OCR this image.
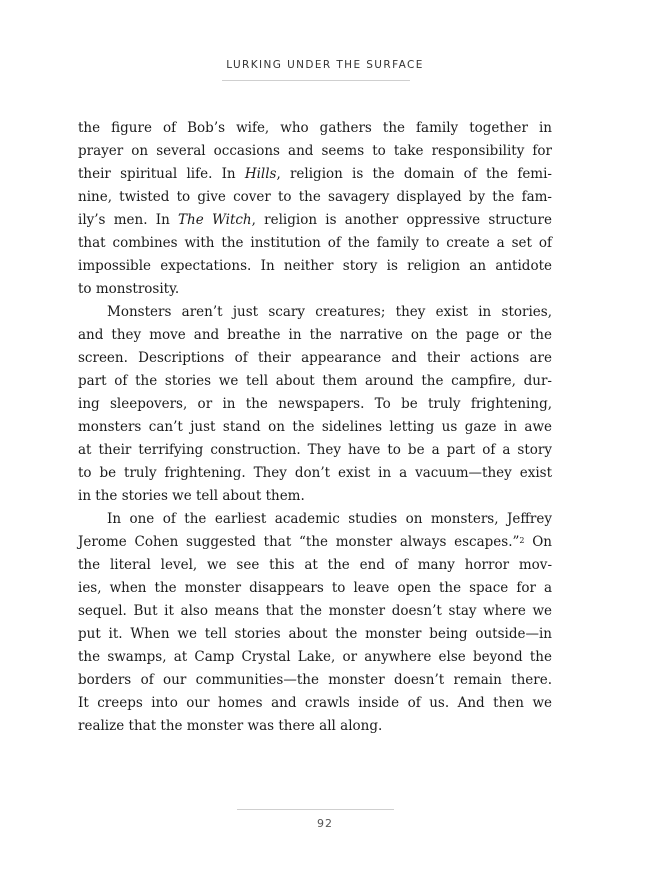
LURKING UNDER THE SURFACE
the figure of Bob’s wife, who gathers the family together in
prayer on several occasions and seems to take responsibility for
their spiritual life. In Hills, religion is the domain of the femi-
nine, twisted to give cover to the savagery displayed by the fam-
ily’s men. In The Witch, religion is another oppressive structure
that combines with the institution of the family to create a set of
impossible expectations. In neither story is religion an antidote
to monstrosity.
Monsters aren’t just scary creatures; they exist in stories,
and they move and breathe in the narrative on the page or the
screen. Descriptions of their appearance and their actions are
part of the stories we tell about them around the campfire, dur-
ing sleepovers, or in the newspapers. To be truly frightening,
monsters can’t just stand on the sidelines letting us gaze in awe
at their terrifying construction. They have to be a part of a story
to be truly frightening. They don’t exist in a vacuum—they exist
in the stories we tell about them.
In one of the earliest academic studies on monsters, Jeffrey
Jerome Cohen suggested that “the monster always escapes.”$^2$ On
the literal level, we see this at the end of many horror mov-
ies, when the monster disappears to leave open the space for a
sequel. But it also means that the monster doesn’t stay where we
put it. When we tell stories about the monster being outside—in
the swamps, at Camp Crystal Lake, or anywhere else beyond the
borders of our communities—the monster doesn’t remain there.
It creeps into our homes and crawls inside of us. And then we
realize that the monster was there all along.
92
